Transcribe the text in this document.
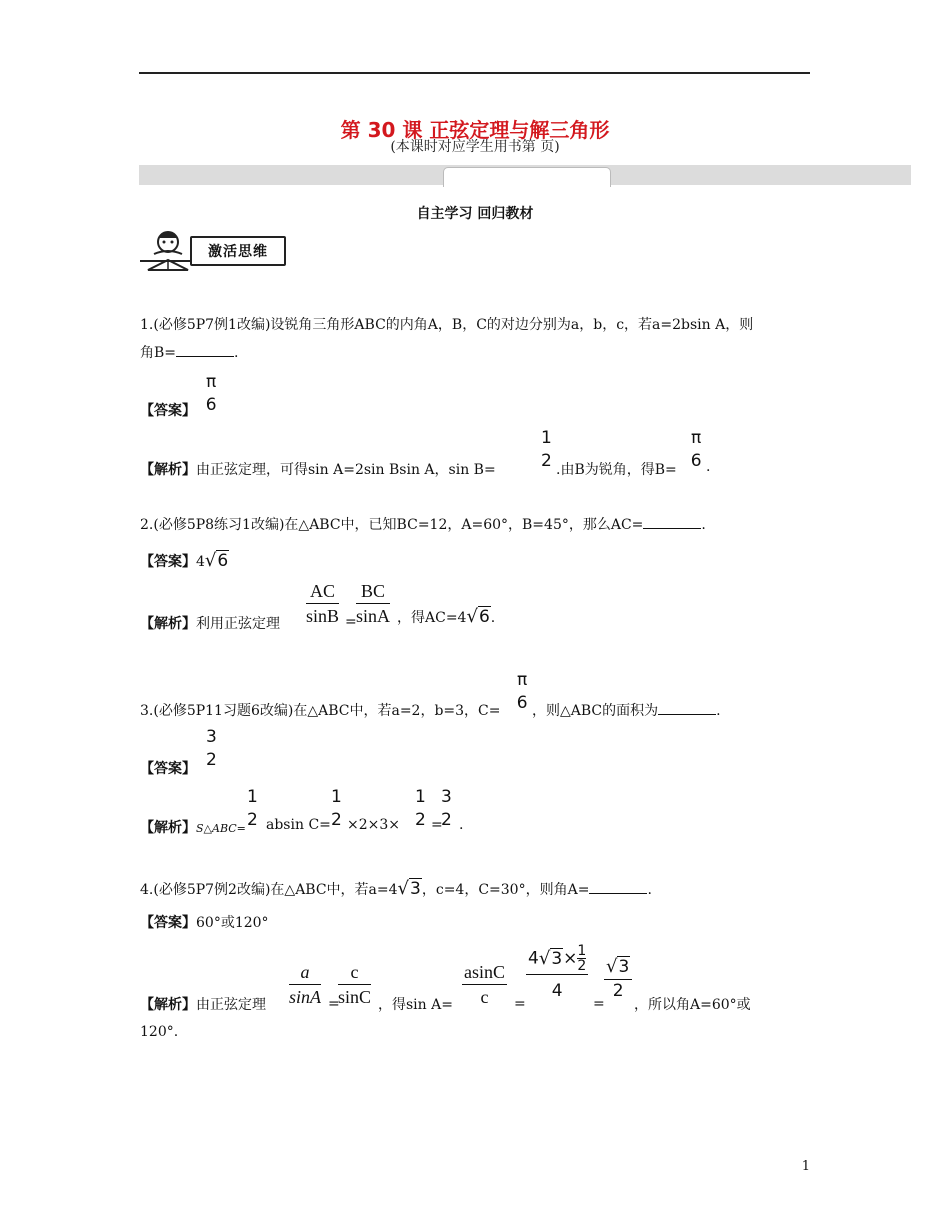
第 30 课 正弦定理与解三角形
(本课时对应学生用书第 页)
自主学习 回归教材
激活思维
1.(必修5P7例1改编)设锐角三角形ABC的内角A，B，C的对边分别为a，b，c，若a=2bsin A，则
角B=	.
【答案】
π
6
【解析】由正弦定理，可得sin A=2sin Bsin A，sin B=
1
2 .由B为锐角，得B=
π
6 .
2.(必修5P8练习1改编)在△ABC中，已知BC=12，A=60°，B=45°，那么AC=	.
【答案】4√6
【解析】利用正弦定理 $\frac{AC}{\sin B} = \frac{BC}{\sin A}$ ，得AC=4√6.
3.(必修5P11习题6改编)在△ABC中，若a=2，b=3，C=
π
6 ，则△ABC的面积为	.
【答案】
3
2
【解析】S△ABC=
1
2 absin C=
1
2 ×2×3×
1
2 =
3
2 .
4.(必修5P7例2改编)在△ABC中，若a=4√3，c=4，C=30°，则角A=	.
【答案】60°或120°
【解析】由正弦定理 $\frac{a}{\sin A}$ =
$\frac{c}{\sin C}$ ，得$\sin A= \frac{asinC}{c}$ =
$\frac{4√3\times \frac{1}{2}}{4}$
=
$\frac{√3}{2}$
，所以角A=60°或
120°.
1
